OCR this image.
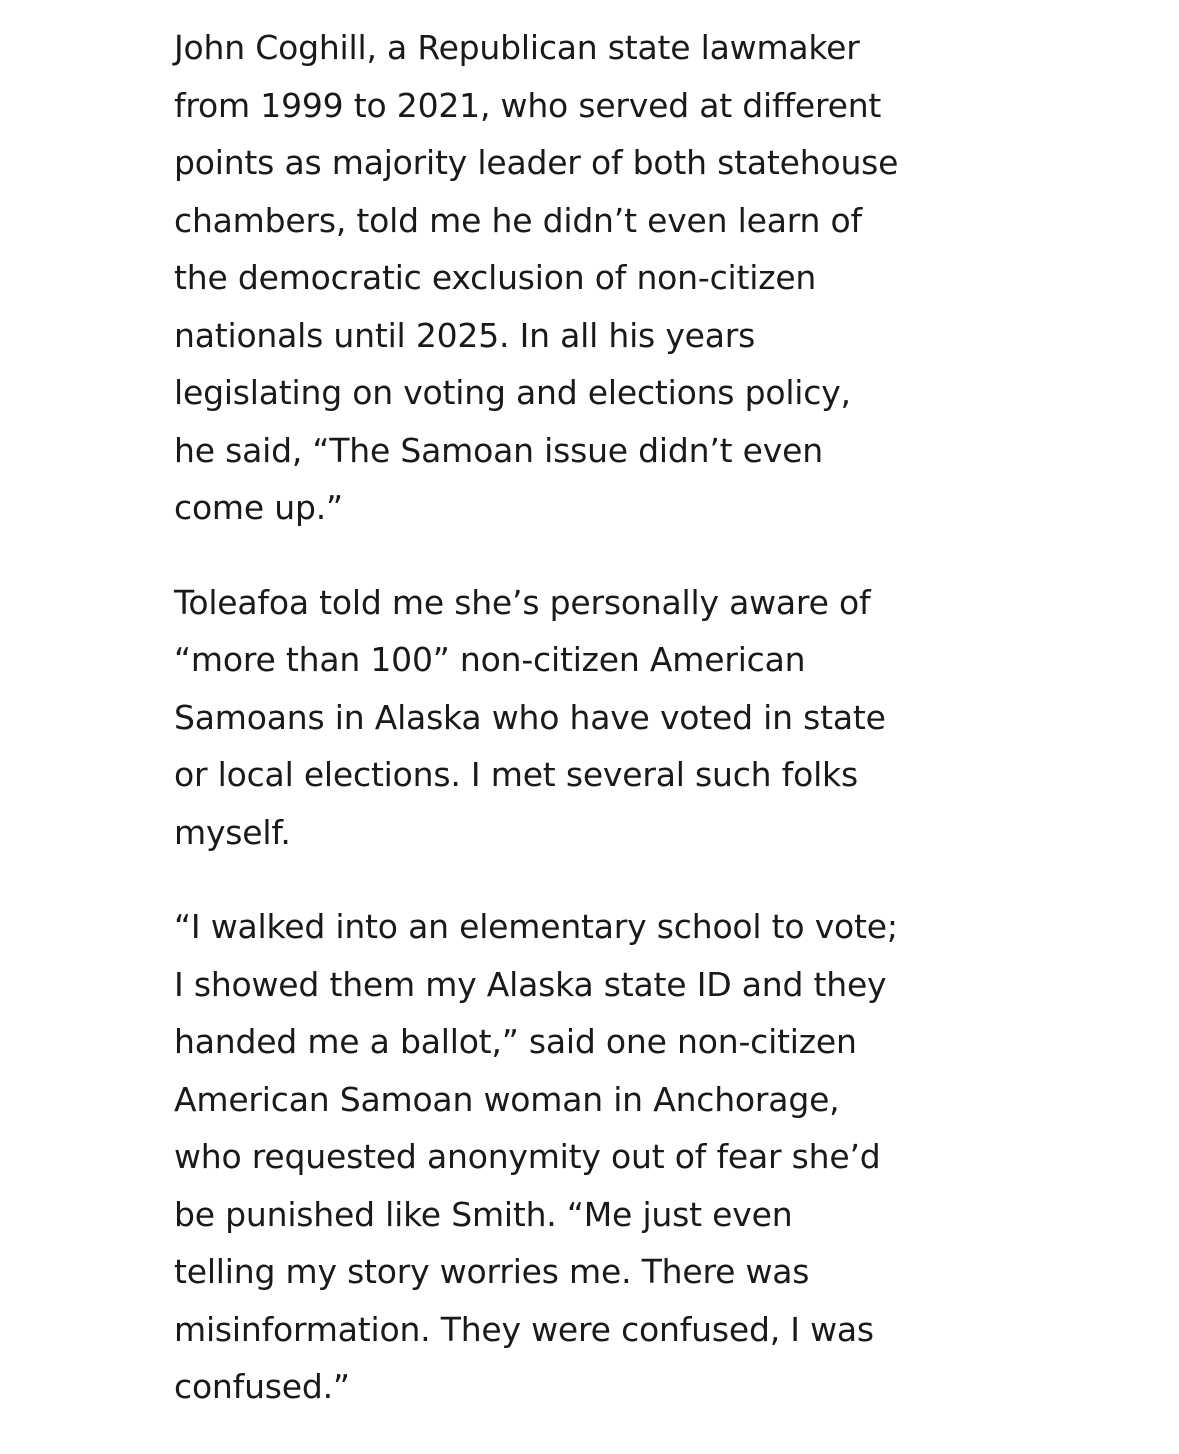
John Coghill, a Republican state lawmaker
from 1999 to 2021, who served at different
points as majority leader of both statehouse
chambers, told me he didn’t even learn of
the democratic exclusion of non-citizen
nationals until 2025. In all his years
legislating on voting and elections policy,
he said, “The Samoan issue didn’t even
come up.”

Toleafoa told me she’s personally aware of
“more than 100” non-citizen American
Samoans in Alaska who have voted in state
or local elections. I met several such folks
myself.

“I walked into an elementary school to vote;
I showed them my Alaska state ID and they
handed me a ballot,” said one non-citizen
American Samoan woman in Anchorage,
who requested anonymity out of fear she’d
be punished like Smith. “Me just even
telling my story worries me. There was
misinformation. They were confused, I was
confused.”
